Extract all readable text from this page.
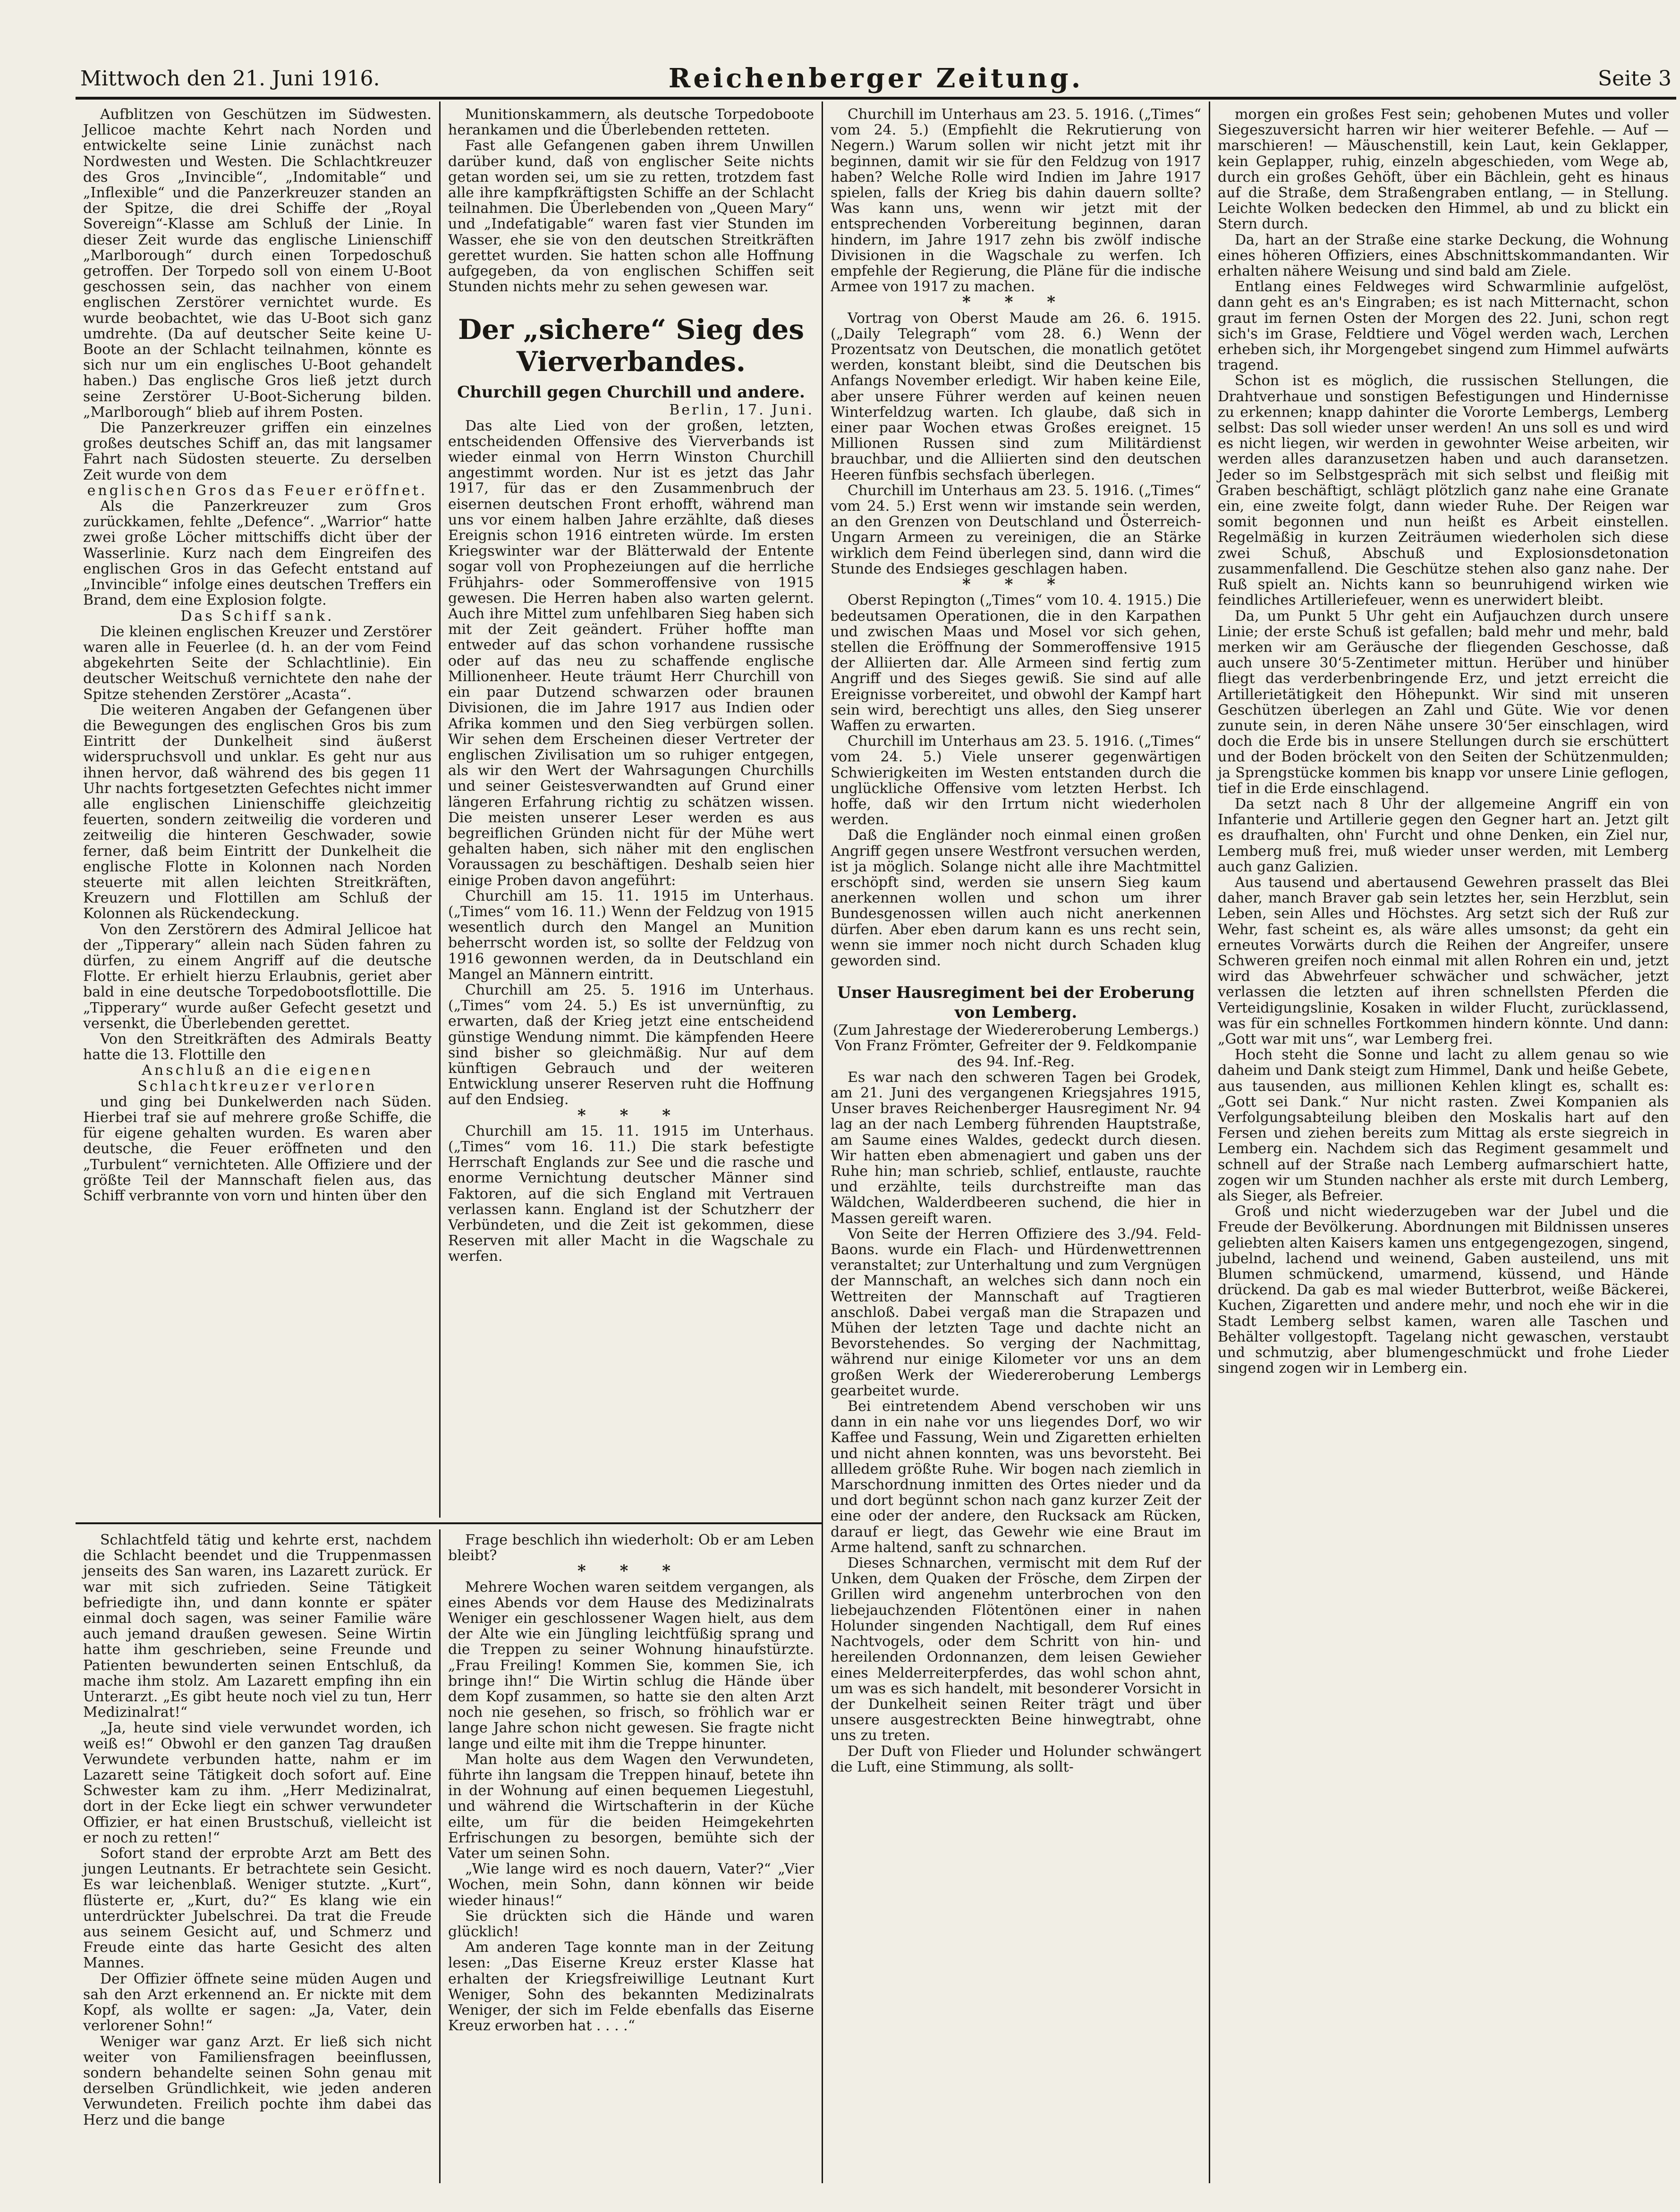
Mittwoch den 21. Juni 1916.	Reichenberger Zeitung.	Seite 3

Aufblitzen von Geschützen im Südwesten. Jellicoe machte Kehrt nach Norden und entwickelte seine Linie zunächst nach Nordwesten und Westen. Die Schlachtkreuzer des Gros „Invincible“, „Indomitable“ und „Inflexible“ und die Panzerkreuzer standen an der Spitze, die drei Schiffe der „Royal Sovereign“-Klasse am Schluß der Linie. In dieser Zeit wurde das englische Linienschiff „Marlborough“ durch einen Torpedoschuß getroffen. Der Torpedo soll von einem U-Boot geschossen sein, das nachher von einem englischen Zerstörer vernichtet wurde. Es wurde beobachtet, wie das U-Boot sich ganz umdrehte. (Da auf deutscher Seite keine U-Boote an der Schlacht teilnahmen, könnte es sich nur um ein englisches U-Boot gehandelt haben.) Das englische Gros ließ jetzt durch seine Zerstörer U-Boot-Sicherung bilden. „Marlborough“ blieb auf ihrem Posten.

Die Panzerkreuzer griffen ein einzelnes großes deutsches Schiff an, das mit langsamer Fahrt nach Südosten steuerte. Zu derselben Zeit wurde von dem

englischen Gros das Feuer eröffnet.

Als die Panzerkreuzer zum Gros zurückkamen, fehlte „Defence“. „Warrior“ hatte zwei große Löcher mittschiffs dicht über der Wasserlinie. Kurz nach dem Eingreifen des englischen Gros in das Gefecht entstand auf „Invincible“ infolge eines deutschen Treffers ein Brand, dem eine Explosion folgte.

Das Schiff sank.

Die kleinen englischen Kreuzer und Zerstörer waren alle in Feuerlee (d. h. an der vom Feind abgekehrten Seite der Schlachtlinie). Ein deutscher Weitschuß vernichtete den nahe der Spitze stehenden Zerstörer „Acasta“.

Die weiteren Angaben der Gefangenen über die Bewegungen des englischen Gros bis zum Eintritt der Dunkelheit sind äußerst widerspruchsvoll und unklar. Es geht nur aus ihnen hervor, daß während des bis gegen 11 Uhr nachts fortgesetzten Gefechtes nicht immer alle englischen Linienschiffe gleichzeitig feuerten, sondern zeitweilig die vorderen und zeitweilig die hinteren Geschwader, sowie ferner, daß beim Eintritt der Dunkelheit die englische Flotte in Kolonnen nach Norden steuerte mit allen leichten Streitkräften, Kreuzern und Flottillen am Schluß der Kolonnen als Rückendeckung.

Von den Zerstörern des Admiral Jellicoe hat der „Tipperary“ allein nach Süden fahren zu dürfen, zu einem Angriff auf die deutsche Flotte. Er erhielt hierzu Erlaubnis, geriet aber bald in eine deutsche Torpedobootsflottille. Die „Tipperary“ wurde außer Gefecht gesetzt und versenkt, die Überlebenden gerettet.

Von den Streitkräften des Admirals Beatty hatte die 13. Flottille den

Anschluß an die eigenen Schlachtkreuzer verloren

und ging bei Dunkelwerden nach Süden. Hierbei traf sie auf mehrere große Schiffe, die für eigene gehalten wurden. Es waren aber deutsche, die Feuer eröffneten und den „Turbulent“ vernichteten. Alle Offiziere und der größte Teil der Mannschaft fielen aus, das Schiff verbrannte von vorn und hinten über den

Munitionskammern, als deutsche Torpedoboote herankamen und die Überlebenden retteten.

Fast alle Gefangenen gaben ihrem Unwillen darüber kund, daß von englischer Seite nichts getan worden sei, um sie zu retten, trotzdem fast alle ihre kampfkräftigsten Schiffe an der Schlacht teilnahmen. Die Überlebenden von „Queen Mary“ und „Indefatigable“ waren fast vier Stunden im Wasser, ehe sie von den deutschen Streitkräften gerettet wurden. Sie hatten schon alle Hoffnung aufgegeben, da von englischen Schiffen seit Stunden nichts mehr zu sehen gewesen war.

Der „sichere“ Sieg des Vierverbandes.

Churchill gegen Churchill und andere.

Berlin, 17. Juni.

Das alte Lied von der großen, letzten, entscheidenden Offensive des Vierverbands ist wieder einmal von Herrn Winston Churchill angestimmt worden. Nur ist es jetzt das Jahr 1917, für das er den Zusammenbruch der eisernen deutschen Front erhofft, während man uns vor einem halben Jahre erzählte, daß dieses Ereignis schon 1916 eintreten würde. Im ersten Kriegswinter war der Blätterwald der Entente sogar voll von Prophezeiungen auf die herrliche Frühjahrs- oder Sommeroffensive von 1915 gewesen. Die Herren haben also warten gelernt. Auch ihre Mittel zum unfehlbaren Sieg haben sich mit der Zeit geändert. Früher hoffte man entweder auf das schon vorhandene russische oder auf das neu zu schaffende englische Millionenheer. Heute träumt Herr Churchill von ein paar Dutzend schwarzen oder braunen Divisionen, die im Jahre 1917 aus Indien oder Afrika kommen und den Sieg verbürgen sollen. Wir sehen dem Erscheinen dieser Vertreter der englischen Zivilisation um so ruhiger entgegen, als wir den Wert der Wahrsagungen Churchills und seiner Geistesverwandten auf Grund einer längeren Erfahrung richtig zu schätzen wissen. Die meisten unserer Leser werden es aus begreiflichen Gründen nicht für der Mühe wert gehalten haben, sich näher mit den englischen Voraussagen zu beschäftigen. Deshalb seien hier einige Proben davon angeführt:

Churchill am 15. 11. 1915 im Unterhaus. („Times“ vom 16. 11.) Wenn der Feldzug von 1915 wesentlich durch den Mangel an Munition beherrscht worden ist, so sollte der Feldzug von 1916 gewonnen werden, da in Deutschland ein Mangel an Männern eintritt.

Churchill am 25. 5. 1916 im Unterhaus. („Times“ vom 24. 5.) Es ist unvernünftig, zu erwarten, daß der Krieg jetzt eine entscheidend günstige Wendung nimmt. Die kämpfenden Heere sind bisher so gleichmäßig. Nur auf dem künftigen Gebrauch und der weiteren Entwicklung unserer Reserven ruht die Hoffnung auf den Endsieg.

* * *

Churchill am 15. 11. 1915 im Unterhaus. („Times“ vom 16. 11.) Die stark befestigte Herrschaft Englands zur See und die rasche und enorme Vernichtung deutscher Männer sind Faktoren, auf die sich England mit Vertrauen verlassen kann. England ist der Schutzherr der Verbündeten, und die Zeit ist gekommen, diese Reserven mit aller Macht in die Wagschale zu werfen.

Churchill im Unterhaus am 23. 5. 1916. („Times“ vom 24. 5.) (Empfiehlt die Rekrutierung von Negern.) Warum sollen wir nicht jetzt mit ihr beginnen, damit wir sie für den Feldzug von 1917 haben? Welche Rolle wird Indien im Jahre 1917 spielen, falls der Krieg bis dahin dauern sollte? Was kann uns, wenn wir jetzt mit der entsprechenden Vorbereitung beginnen, daran hindern, im Jahre 1917 zehn bis zwölf indische Divisionen in die Wagschale zu werfen. Ich empfehle der Regierung, die Pläne für die indische Armee von 1917 zu machen.

* * *

Vortrag von Oberst Maude am 26. 6. 1915. („Daily Telegraph“ vom 28. 6.) Wenn der Prozentsatz von Deutschen, die monatlich getötet werden, konstant bleibt, sind die Deutschen bis Anfangs November erledigt. Wir haben keine Eile, aber unsere Führer werden auf keinen neuen Winterfeldzug warten. Ich glaube, daß sich in einer paar Wochen etwas Großes ereignet. 15 Millionen Russen sind zum Militärdienst brauchbar, und die Alliierten sind den deutschen Heeren fünfbis sechsfach überlegen.

Churchill im Unterhaus am 23. 5. 1916. („Times“ vom 24. 5.) Erst wenn wir imstande sein werden, an den Grenzen von Deutschland und Österreich-Ungarn Armeen zu vereinigen, die an Stärke wirklich dem Feind überlegen sind, dann wird die Stunde des Endsieges geschlagen haben.

* * *

Oberst Repington („Times“ vom 10. 4. 1915.) Die bedeutsamen Operationen, die in den Karpathen und zwischen Maas und Mosel vor sich gehen, stellen die Eröffnung der Sommeroffensive 1915 der Alliierten dar. Alle Armeen sind fertig zum Angriff und des Sieges gewiß. Sie sind auf alle Ereignisse vorbereitet, und obwohl der Kampf hart sein wird, berechtigt uns alles, den Sieg unserer Waffen zu erwarten.

Churchill im Unterhaus am 23. 5. 1916. („Times“ vom 24. 5.) Viele unserer gegenwärtigen Schwierigkeiten im Westen entstanden durch die unglückliche Offensive vom letzten Herbst. Ich hoffe, daß wir den Irrtum nicht wiederholen werden.

Daß die Engländer noch einmal einen großen Angriff gegen unsere Westfront versuchen werden, ist ja möglich. Solange nicht alle ihre Machtmittel erschöpft sind, werden sie unsern Sieg kaum anerkennen wollen und schon um ihrer Bundesgenossen willen auch nicht anerkennen dürfen. Aber eben darum kann es uns recht sein, wenn sie immer noch nicht durch Schaden klug geworden sind.

Unser Hausregiment bei der Eroberung von Lemberg.

(Zum Jahrestage der Wiedereroberung Lembergs.)

Von Franz Frömter, Gefreiter der 9. Feldkompanie des 94. Inf.-Reg.

Es war nach den schweren Tagen bei Grodek, am 21. Juni des vergangenen Kriegsjahres 1915, Unser braves Reichenberger Hausregiment Nr. 94 lag an der nach Lemberg führenden Hauptstraße, am Saume eines Waldes, gedeckt durch diesen. Wir hatten eben abmenagiert und gaben uns der Ruhe hin; man schrieb, schlief, entlauste, rauchte und erzählte, teils durchstreifte man das Wäldchen, Walderdbeeren suchend, die hier in Massen gereift waren.

Von Seite der Herren Offiziere des 3./94. Feld-Baons. wurde ein Flach- und Hürdenwettrennen veranstaltet; zur Unterhaltung und zum Vergnügen der Mannschaft, an welches sich dann noch ein Wettreiten der Mannschaft auf Tragtieren anschloß. Dabei vergaß man die Strapazen und Mühen der letzten Tage und dachte nicht an Bevorstehendes. So verging der Nachmittag, während nur einige Kilometer vor uns an dem großen Werk der Wiedereroberung Lembergs gearbeitet wurde.

Bei eintretendem Abend verschoben wir uns dann in ein nahe vor uns liegendes Dorf, wo wir Kaffee und Fassung, Wein und Zigaretten erhielten und nicht ahnen konnten, was uns bevorsteht. Bei allledem größte Ruhe. Wir bogen nach ziemlich in Marschordnung inmitten des Ortes nieder und da und dort begünnt schon nach ganz kurzer Zeit der eine oder der andere, den Rucksack am Rücken, darauf er liegt, das Gewehr wie eine Braut im Arme haltend, sanft zu schnarchen.

Dieses Schnarchen, vermischt mit dem Ruf der Unken, dem Quaken der Frösche, dem Zirpen der Grillen wird angenehm unterbrochen von den liebejauchzenden Flötentönen einer in nahen Holunder singenden Nachtigall, dem Ruf eines Nachtvogels, oder dem Schritt von hin- und hereilenden Ordonnanzen, dem leisen Gewieher eines Melderreiterpferdes, das wohl schon ahnt, um was es sich handelt, mit besonderer Vorsicht in der Dunkelheit seinen Reiter trägt und über unsere ausgestreckten Beine hinwegtrabt, ohne uns zu treten.

Der Duft von Flieder und Holunder schwängert die Luft, eine Stimmung, als sollt-

morgen ein großes Fest sein; gehobenen Mutes und voller Siegeszuversicht harren wir hier weiterer Befehle. — Auf — marschieren! — Mäuschenstill, kein Laut, kein Geklapper, kein Geplapper, ruhig, einzeln abgeschieden, vom Wege ab, durch ein großes Gehöft, über ein Bächlein, geht es hinaus auf die Straße, dem Straßengraben entlang, — in Stellung. Leichte Wolken bedecken den Himmel, ab und zu blickt ein Stern durch.

Da, hart an der Straße eine starke Deckung, die Wohnung eines höheren Offiziers, eines Abschnittskommandanten. Wir erhalten nähere Weisung und sind bald am Ziele.

Entlang eines Feldweges wird Schwarmlinie aufgelöst, dann geht es an's Eingraben; es ist nach Mitternacht, schon graut im fernen Osten der Morgen des 22. Juni, schon regt sich's im Grase, Feldtiere und Vögel werden wach, Lerchen erheben sich, ihr Morgengebet singend zum Himmel aufwärts tragend.

Schon ist es möglich, die russischen Stellungen, die Drahtverhaue und sonstigen Befestigungen und Hindernisse zu erkennen; knapp dahinter die Vororte Lembergs, Lemberg selbst: Das soll wieder unser werden! An uns soll es und wird es nicht liegen, wir werden in gewohnter Weise arbeiten, wir werden alles daranzusetzen haben und auch daransetzen. Jeder so im Selbstgespräch mit sich selbst und fleißig mit Graben beschäftigt, schlägt plötzlich ganz nahe eine Granate ein, eine zweite folgt, dann wieder Ruhe. Der Reigen war somit begonnen und nun heißt es Arbeit einstellen. Regelmäßig in kurzen Zeiträumen wiederholen sich diese zwei Schuß, Abschuß und Explosionsdetonation zusammenfallend. Die Geschütze stehen also ganz nahe. Der Ruß spielt an. Nichts kann so beunruhigend wirken wie feindliches Artilleriefeuer, wenn es unerwidert bleibt.

Da, um Punkt 5 Uhr geht ein Aufjauchzen durch unsere Linie; der erste Schuß ist gefallen; bald mehr und mehr, bald merken wir am Geräusche der fliegenden Geschosse, daß auch unsere 30‘5-Zentimeter mittun. Herüber und hinüber fliegt das verderbenbringende Erz, und jetzt erreicht die Artillerietätigkeit den Höhepunkt. Wir sind mit unseren Geschützen überlegen an Zahl und Güte. Wie vor denen zunute sein, in deren Nähe unsere 30‘5er einschlagen, wird doch die Erde bis in unsere Stellungen durch sie erschüttert und der Boden bröckelt von den Seiten der Schützenmulden; ja Sprengstücke kommen bis knapp vor unsere Linie geflogen, tief in die Erde einschlagend.

Da setzt nach 8 Uhr der allgemeine Angriff ein von Infanterie und Artillerie gegen den Gegner hart an. Jetzt gilt es draufhalten, ohn' Furcht und ohne Denken, ein Ziel nur, Lemberg muß frei, muß wieder unser werden, mit Lemberg auch ganz Galizien.

Aus tausend und abertausend Gewehren prasselt das Blei daher, manch Braver gab sein letztes her, sein Herzblut, sein Leben, sein Alles und Höchstes. Arg setzt sich der Ruß zur Wehr, fast scheint es, als wäre alles umsonst; da geht ein erneutes Vorwärts durch die Reihen der Angreifer, unsere Schweren greifen noch einmal mit allen Rohren ein und, jetzt wird das Abwehrfeuer schwächer und schwächer, jetzt verlassen die letzten auf ihren schnellsten Pferden die Verteidigungslinie, Kosaken in wilder Flucht, zurücklassend, was für ein schnelles Fortkommen hindern könnte. Und dann: „Gott war mit uns“, war Lemberg frei.

Hoch steht die Sonne und lacht zu allem genau so wie daheim und Dank steigt zum Himmel, Dank und heiße Gebete, aus tausenden, aus millionen Kehlen klingt es, schallt es: „Gott sei Dank.“ Nur nicht rasten. Zwei Kompanien als Verfolgungsabteilung bleiben den Moskalis hart auf den Fersen und ziehen bereits zum Mittag als erste siegreich in Lemberg ein. Nachdem sich das Regiment gesammelt und schnell auf der Straße nach Lemberg aufmarschiert hatte, zogen wir um Stunden nachher als erste mit durch Lemberg, als Sieger, als Befreier.

Groß und nicht wiederzugeben war der Jubel und die Freude der Bevölkerung. Abordnungen mit Bildnissen unseres geliebten alten Kaisers kamen uns entgegengezogen, singend, jubelnd, lachend und weinend, Gaben austeilend, uns mit Blumen schmückend, umarmend, küssend, und Hände drückend. Da gab es mal wieder Butterbrot, weiße Bäckerei, Kuchen, Zigaretten und andere mehr, und noch ehe wir in die Stadt Lemberg selbst kamen, waren alle Taschen und Behälter vollgestopft. Tagelang nicht gewaschen, verstaubt und schmutzig, aber blumengeschmückt und frohe Lieder singend zogen wir in Lemberg ein.

Schlachtfeld tätig und kehrte erst, nachdem die Schlacht beendet und die Truppenmassen jenseits des San waren, ins Lazarett zurück. Er war mit sich zufrieden. Seine Tätigkeit befriedigte ihn, und dann konnte er später einmal doch sagen, was seiner Familie wäre auch jemand draußen gewesen. Seine Wirtin hatte ihm geschrieben, seine Freunde und Patienten bewunderten seinen Entschluß, da mache ihm stolz. Am Lazarett empfing ihn ein Unterarzt. „Es gibt heute noch viel zu tun, Herr Medizinalrat!“

„Ja, heute sind viele verwundet worden, ich weiß es!“ Obwohl er den ganzen Tag draußen Verwundete verbunden hatte, nahm er im Lazarett seine Tätigkeit doch sofort auf. Eine Schwester kam zu ihm. „Herr Medizinalrat, dort in der Ecke liegt ein schwer verwundeter Offizier, er hat einen Brustschuß, vielleicht ist er noch zu retten!“

Sofort stand der erprobte Arzt am Bett des jungen Leutnants. Er betrachtete sein Gesicht. Es war leichenblaß. Weniger stutzte. „Kurt“, flüsterte er, „Kurt, du?“ Es klang wie ein unterdrückter Jubelschrei. Da trat die Freude aus seinem Gesicht auf, und Schmerz und Freude einte das harte Gesicht des alten Mannes.

Der Offizier öffnete seine müden Augen und sah den Arzt erkennend an. Er nickte mit dem Kopf, als wollte er sagen: „Ja, Vater, dein verlorener Sohn!“

Weniger war ganz Arzt. Er ließ sich nicht weiter von Familiensfragen beeinflussen, sondern behandelte seinen Sohn genau mit derselben Gründlichkeit, wie jeden anderen Verwundeten. Freilich pochte ihm dabei das Herz und die bange

Frage beschlich ihn wiederholt: Ob er am Leben bleibt?

* * *

Mehrere Wochen waren seitdem vergangen, als eines Abends vor dem Hause des Medizinalrats Weniger ein geschlossener Wagen hielt, aus dem der Alte wie ein Jüngling leichtfüßig sprang und die Treppen zu seiner Wohnung hinaufstürzte. „Frau Freiling! Kommen Sie, kommen Sie, ich bringe ihn!“ Die Wirtin schlug die Hände über dem Kopf zusammen, so hatte sie den alten Arzt noch nie gesehen, so frisch, so fröhlich war er lange Jahre schon nicht gewesen. Sie fragte nicht lange und eilte mit ihm die Treppe hinunter.

Man holte aus dem Wagen den Verwundeten, führte ihn langsam die Treppen hinauf, betete ihn in der Wohnung auf einen bequemen Liegestuhl, und während die Wirtschafterin in der Küche eilte, um für die beiden Heimgekehrten Erfrischungen zu besorgen, bemühte sich der Vater um seinen Sohn.

„Wie lange wird es noch dauern, Vater?“ „Vier Wochen, mein Sohn, dann können wir beide wieder hinaus!“

Sie drückten sich die Hände und waren glücklich!

Am anderen Tage konnte man in der Zeitung lesen: „Das Eiserne Kreuz erster Klasse hat erhalten der Kriegsfreiwillige Leutnant Kurt Weniger, Sohn des bekannten Medizinalrats Weniger, der sich im Felde ebenfalls das Eiserne Kreuz erworben hat . . . .“
